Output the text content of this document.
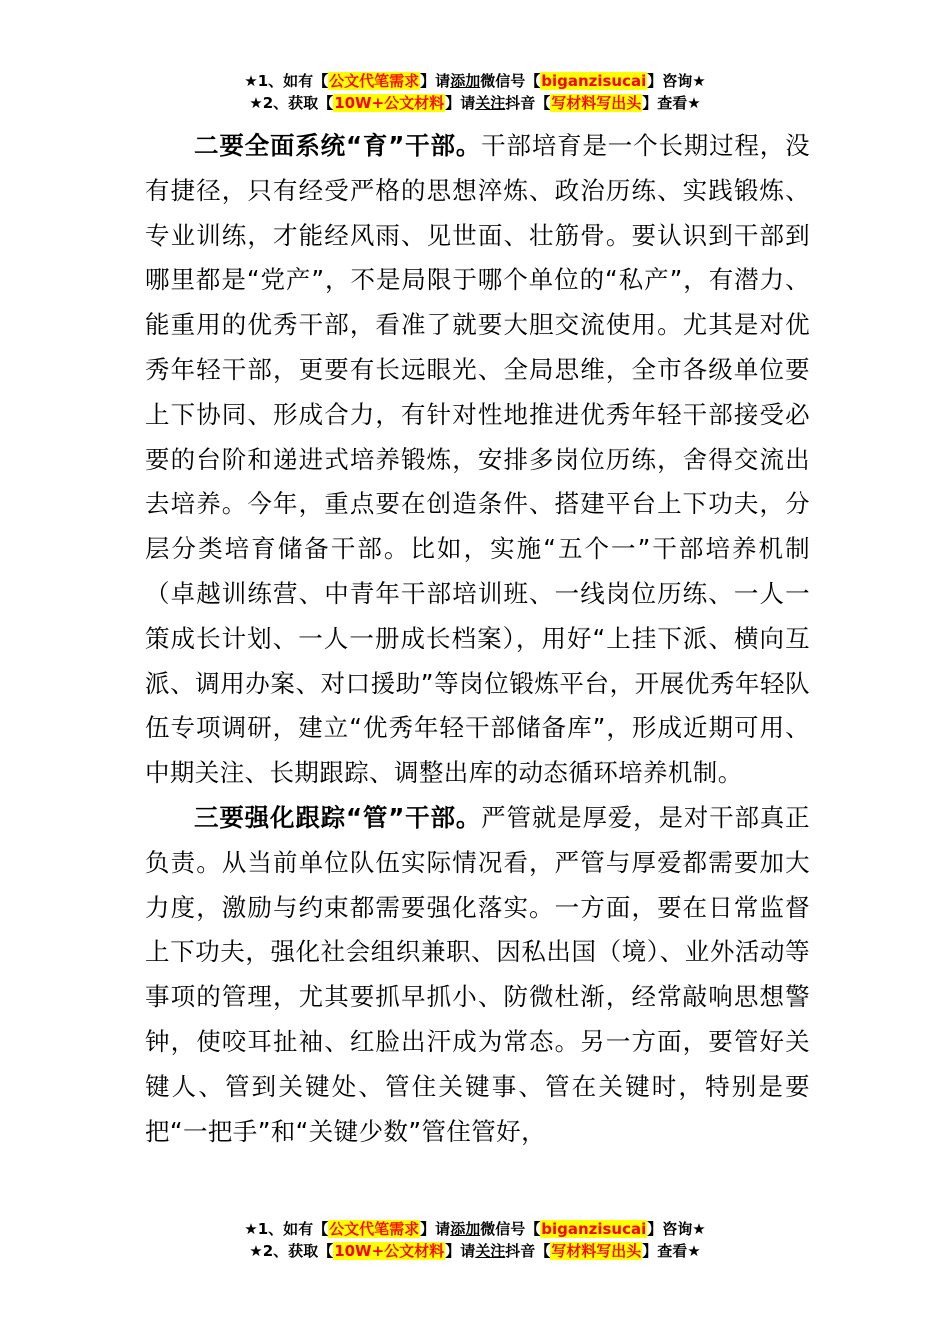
★1、如有【公文代笔需求】请添加微信号【biganzisucai】咨询★
★2、获取【10W+公文材料】请关注抖音【写材料写出头】查看★

二要全面系统“育”干部。干部培育是一个长期过程，没有捷径，只有经受严格的思想淬炼、政治历练、实践锻炼、专业训练，才能经风雨、见世面、壮筋骨。要认识到干部到哪里都是“党产”，不是局限于哪个单位的“私产”，有潜力、能重用的优秀干部，看准了就要大胆交流使用。尤其是对优秀年轻干部，更要有长远眼光、全局思维，全市各级单位要上下协同、形成合力，有针对性地推进优秀年轻干部接受必要的台阶和递进式培养锻炼，安排多岗位历练，舍得交流出去培养。今年，重点要在创造条件、搭建平台上下功夫，分层分类培育储备干部。比如，实施“五个一”干部培养机制（卓越训练营、中青年干部培训班、一线岗位历练、一人一策成长计划、一人一册成长档案），用好“上挂下派、横向互派、调用办案、对口援助”等岗位锻炼平台，开展优秀年轻队伍专项调研，建立“优秀年轻干部储备库”，形成近期可用、中期关注、长期跟踪、调整出库的动态循环培养机制。

三要强化跟踪“管”干部。严管就是厚爱，是对干部真正负责。从当前单位队伍实际情况看，严管与厚爱都需要加大力度，激励与约束都需要强化落实。一方面，要在日常监督上下功夫，强化社会组织兼职、因私出国（境）、业外活动等事项的管理，尤其要抓早抓小、防微杜渐，经常敲响思想警钟，使咬耳扯袖、红脸出汗成为常态。另一方面，要管好关键人、管到关键处、管住关键事、管在关键时，特别是要把“一把手”和“关键少数”管住管好，

★1、如有【公文代笔需求】请添加微信号【biganzisucai】咨询★
★2、获取【10W+公文材料】请关注抖音【写材料写出头】查看★
